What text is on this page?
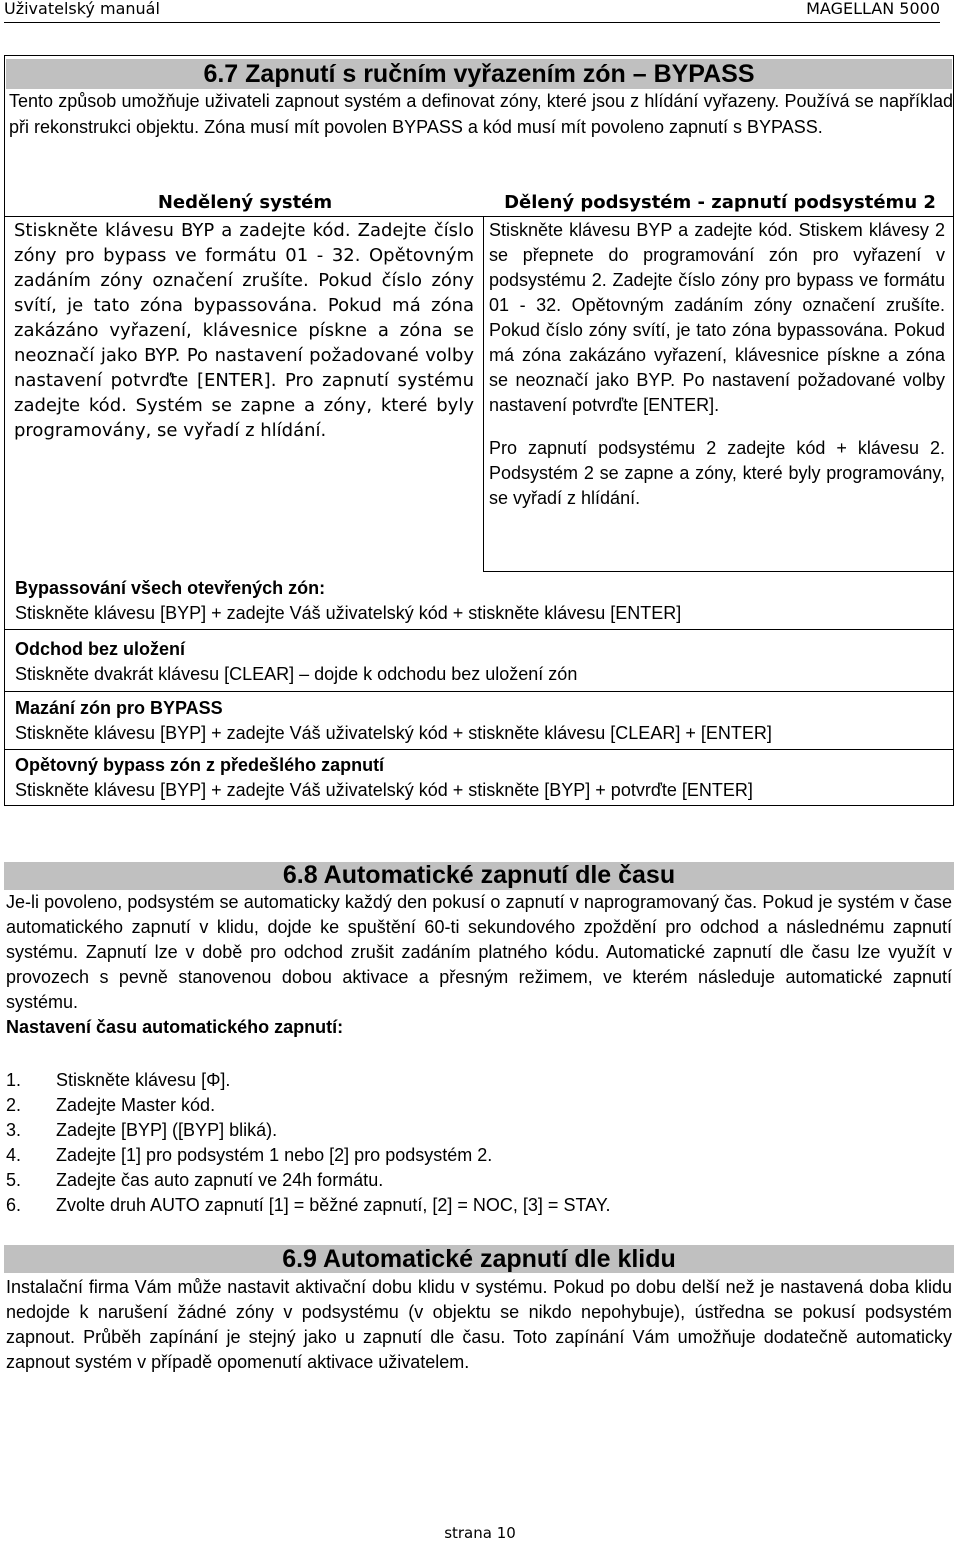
Uživatelský manuál	MAGELLAN 5000
6.7 Zapnutí s ručním vyřazením zón – BYPASS
Tento způsob umožňuje uživateli zapnout systém a definovat zóny, které jsou z hlídání vyřazeny. Používá se například při rekonstrukci objektu. Zóna musí mít povolen BYPASS a kód musí mít povoleno zapnutí s BYPASS.
Nedělený systém	Dělený podsystém - zapnutí podsystému 2

Stiskněte klávesu BYP a zadejte kód. Zadejte číslo zóny pro bypass ve formátu 01 - 32. Opětovným zadáním zóny označení zrušíte. Pokud číslo zóny svítí, je tato zóna bypassována. Pokud má zóna zakázáno vyřazení, klávesnice pískne a zóna se neoznačí jako BYP. Po nastavení požadované volby nastavení potvrďte [ENTER]. Pro zapnutí systému zadejte kód. Systém se zapne a zóny, které byly programovány, se vyřadí z hlídání.

Stiskněte klávesu BYP a zadejte kód. Stiskem klávesy 2 se přepnete do programování zón pro vyřazení v podsystému 2. Zadejte číslo zóny pro bypass ve formátu 01 - 32. Opětovným zadáním zóny označení zrušíte. Pokud číslo zóny svítí, je tato zóna bypassována. Pokud má zóna zakázáno vyřazení, klávesnice pískne a zóna se neoznačí jako BYP. Po nastavení požadované volby nastavení potvrďte [ENTER].

Pro zapnutí podsystému 2 zadejte kód + klávesu 2. Podsystém 2 se zapne a zóny, které byly programovány, se vyřadí z hlídání.

Bypassování všech otevřených zón:
Stiskněte klávesu [BYP] + zadejte Váš uživatelský kód + stiskněte klávesu [ENTER]
Odchod bez uložení
Stiskněte dvakrát klávesu [CLEAR] – dojde k odchodu bez uložení zón
Mazání zón pro BYPASS
Stiskněte klávesu [BYP] + zadejte Váš uživatelský kód + stiskněte klávesu [CLEAR] + [ENTER]
Opětovný bypass zón z předešlého zapnutí
Stiskněte klávesu [BYP] + zadejte Váš uživatelský kód + stiskněte [BYP] + potvrďte [ENTER]
6.8 Automatické zapnutí dle času

Je-li povoleno, podsystém se automaticky každý den pokusí o zapnutí v naprogramovaný čas. Pokud je systém v čase automatického zapnutí v klidu, dojde ke spuštění 60-ti sekundového zpoždění pro odchod a následnému zapnutí systému. Zapnutí lze v době pro odchod zrušit zadáním platného kódu. Automatické zapnutí dle času lze využít v provozech s pevně stanovenou dobou aktivace a přesným režimem, ve kterém následuje automatické zapnutí systému.

Nastavení času automatického zapnutí:

1. Stiskněte klávesu [Φ].
2. Zadejte Master kód.
3. Zadejte [BYP] ([BYP] bliká).
4. Zadejte [1] pro podsystém 1 nebo [2] pro podsystém 2.
5. Zadejte čas auto zapnutí ve 24h formátu.
6. Zvolte druh AUTO zapnutí [1] = běžné zapnutí, [2] = NOC, [3] = STAY.
6.9 Automatické zapnutí dle klidu

Instalační firma Vám může nastavit aktivační dobu klidu v systému. Pokud po dobu delší než je nastavená doba klidu nedojde k narušení žádné zóny v podsystému (v objektu se nikdo nepohybuje), ústředna se pokusí podsystém zapnout. Průběh zapínání je stejný jako u zapnutí dle času. Toto zapínání Vám umožňuje dodatečně automaticky zapnout systém v případě opomenutí aktivace uživatelem.

strana 10
